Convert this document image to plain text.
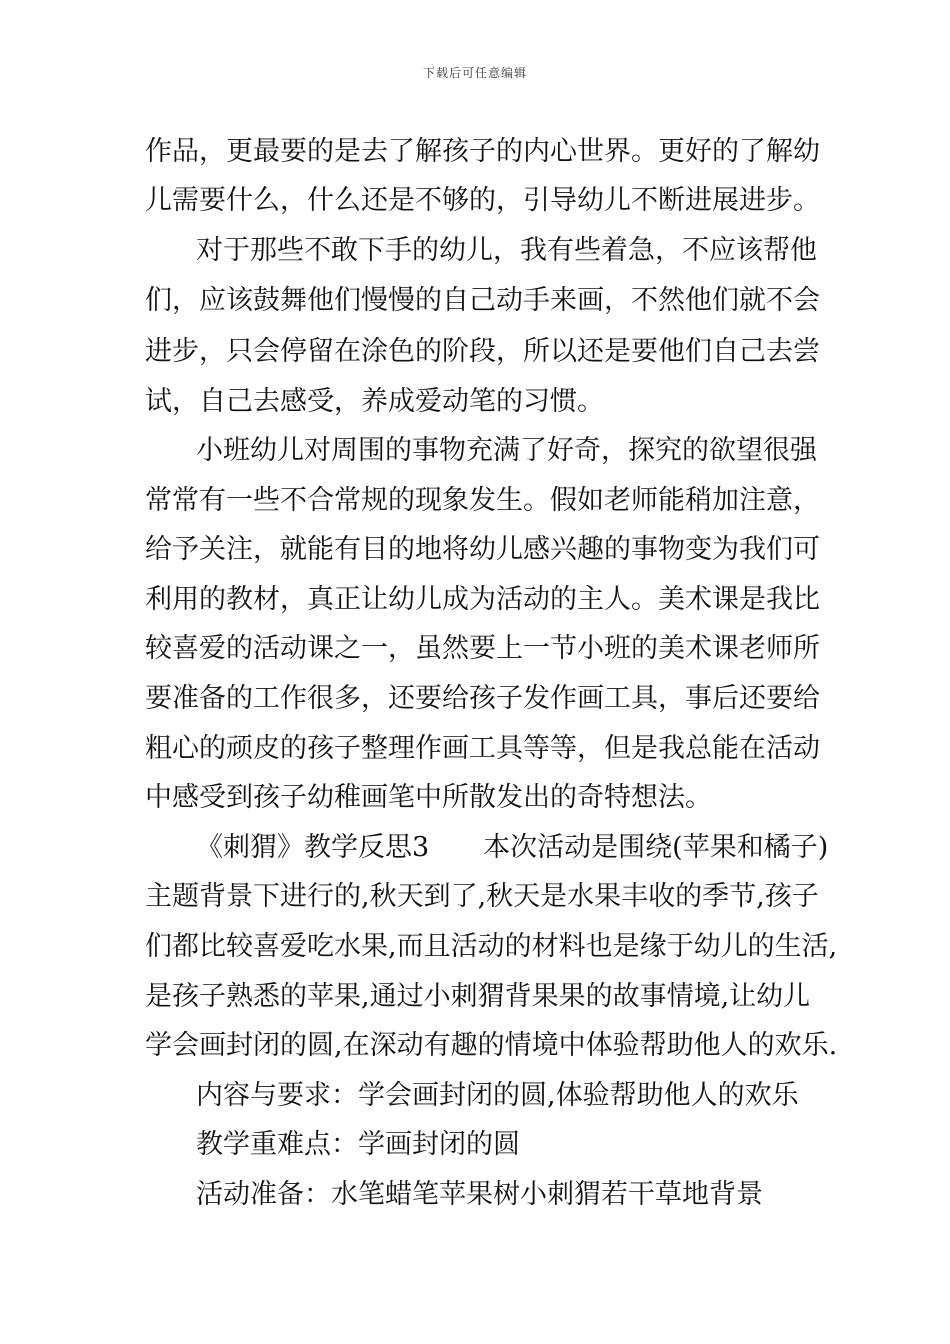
下载后可任意编辑
作品，更最要的是去了解孩子的内心世界。更好的了解幼
儿需要什么，什么还是不够的，引导幼儿不断进展进步。
对于那些不敢下手的幼儿，我有些着急，不应该帮他
们，应该鼓舞他们慢慢的自己动手来画，不然他们就不会
进步，只会停留在涂色的阶段，所以还是要他们自己去尝
试，自己去感受，养成爱动笔的习惯。
小班幼儿对周围的事物充满了好奇，探究的欲望很强
常常有一些不合常规的现象发生。假如老师能稍加注意，
给予关注，就能有目的地将幼儿感兴趣的事物变为我们可
利用的教材，真正让幼儿成为活动的主人。美术课是我比
较喜爱的活动课之一，虽然要上一节小班的美术课老师所
要准备的工作很多，还要给孩子发作画工具，事后还要给
粗心的顽皮的孩子整理作画工具等等，但是我总能在活动
中感受到孩子幼稚画笔中所散发出的奇特想法。
《刺猬》教学反思3　　本次活动是围绕(苹果和橘子)
主题背景下进行的,秋天到了,秋天是水果丰收的季节,孩子
们都比较喜爱吃水果,而且活动的材料也是缘于幼儿的生活,
是孩子熟悉的苹果,通过小刺猬背果果的故事情境,让幼儿
学会画封闭的圆,在深动有趣的情境中体验帮助他人的欢乐.
内容与要求：学会画封闭的圆,体验帮助他人的欢乐
教学重难点：学画封闭的圆
活动准备：水笔蜡笔苹果树小刺猬若干草地背景
